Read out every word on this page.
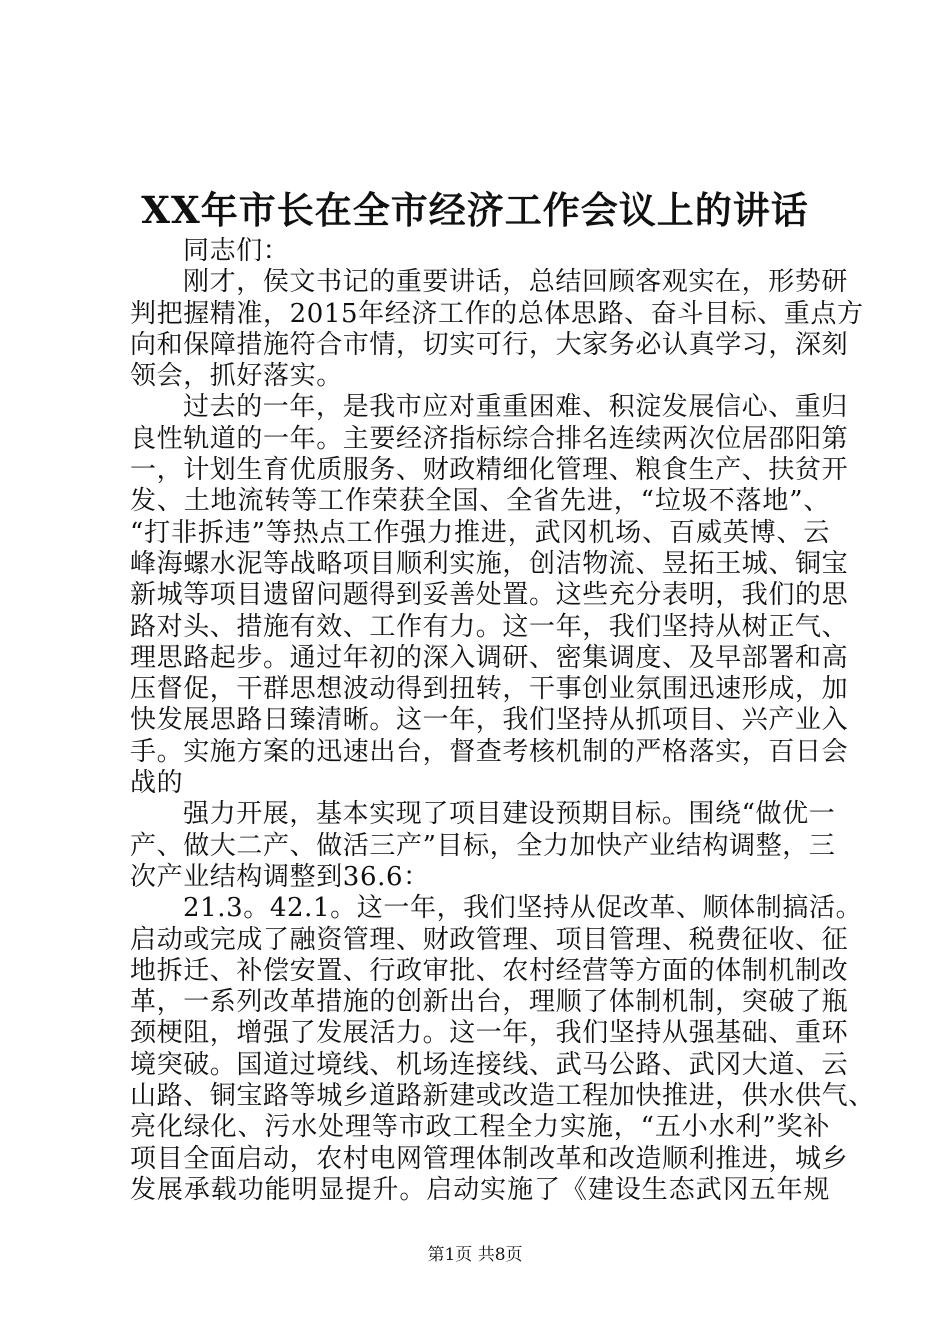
XX年市长在全市经济工作会议上的讲话
同志们：
刚才，侯文书记的重要讲话，总结回顾客观实在，形势研
判把握精准，2015年经济工作的总体思路、奋斗目标、重点方
向和保障措施符合市情，切实可行，大家务必认真学习，深刻
领会，抓好落实。
过去的一年，是我市应对重重困难、积淀发展信心、重归
良性轨道的一年。主要经济指标综合排名连续两次位居邵阳第
一，计划生育优质服务、财政精细化管理、粮食生产、扶贫开
发、土地流转等工作荣获全国、全省先进，“垃圾不落地”、
“打非拆违”等热点工作强力推进，武冈机场、百威英博、云
峰海螺水泥等战略项目顺利实施，创洁物流、昱拓王城、铜宝
新城等项目遗留问题得到妥善处置。这些充分表明，我们的思
路对头、措施有效、工作有力。这一年，我们坚持从树正气、
理思路起步。通过年初的深入调研、密集调度、及早部署和高
压督促，干群思想波动得到扭转，干事创业氛围迅速形成，加
快发展思路日臻清晰。这一年，我们坚持从抓项目、兴产业入
手。实施方案的迅速出台，督查考核机制的严格落实，百日会
战的
强力开展，基本实现了项目建设预期目标。围绕“做优一
产、做大二产、做活三产”目标，全力加快产业结构调整，三
次产业结构调整到36.6：
21.3。42.1。这一年，我们坚持从促改革、顺体制搞活。
启动或完成了融资管理、财政管理、项目管理、税费征收、征
地拆迁、补偿安置、行政审批、农村经营等方面的体制机制改
革，一系列改革措施的创新出台，理顺了体制机制，突破了瓶
颈梗阻，增强了发展活力。这一年，我们坚持从强基础、重环
境突破。国道过境线、机场连接线、武马公路、武冈大道、云
山路、铜宝路等城乡道路新建或改造工程加快推进，供水供气、
亮化绿化、污水处理等市政工程全力实施，“五小水利”奖补
项目全面启动，农村电网管理体制改革和改造顺利推进，城乡
发展承载功能明显提升。启动实施了《建设生态武冈五年规
第1页 共8页
